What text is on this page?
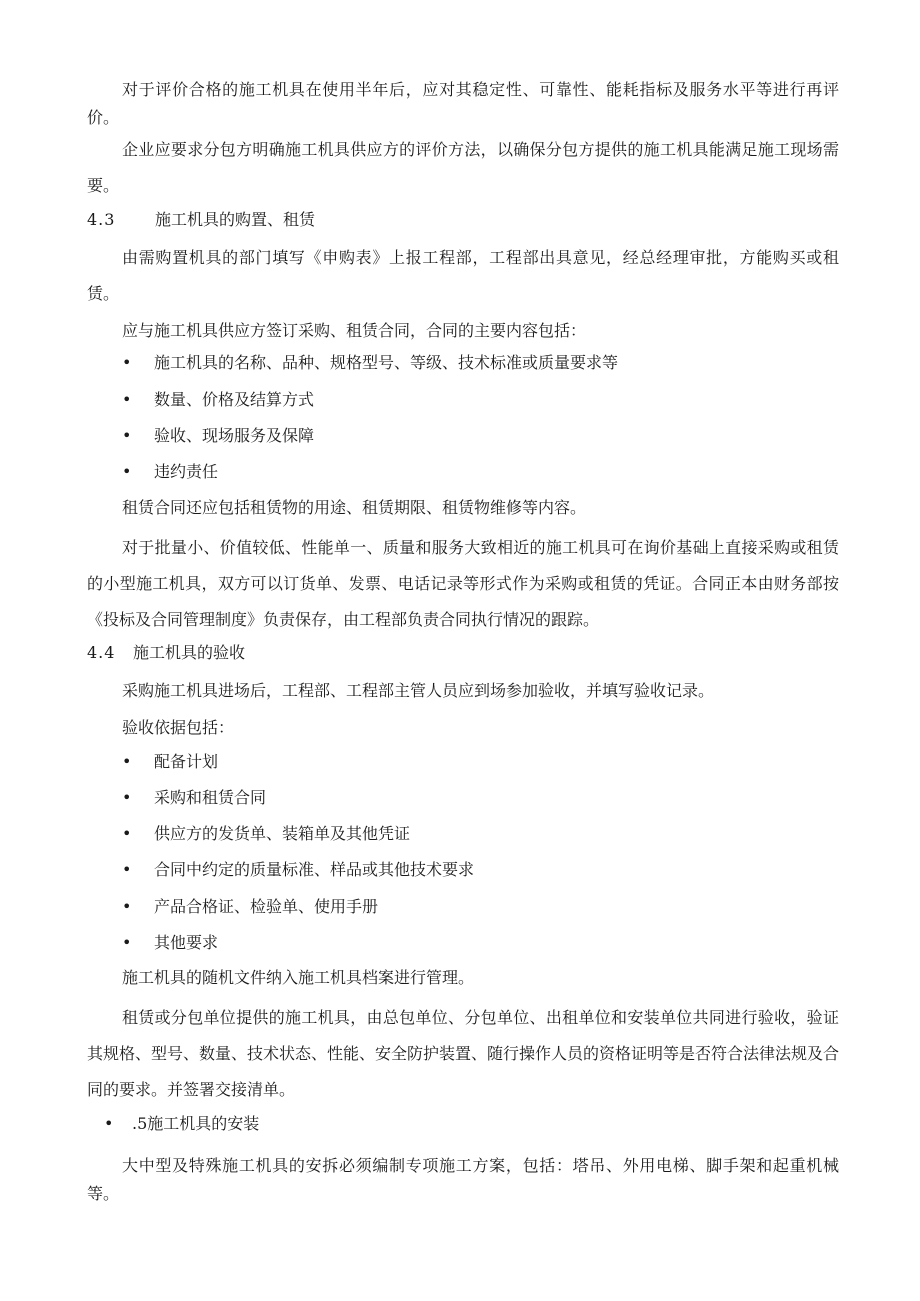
对于评价合格的施工机具在使用半年后，应对其稳定性、可靠性、能耗指标及服务水平等进行再评价。

企业应要求分包方明确施工机具供应方的评价方法，以确保分包方提供的施工机具能满足施工现场需要。

4.3 施工机具的购置、租赁

由需购置机具的部门填写《申购表》上报工程部，工程部出具意见，经总经理审批，方能购买或租赁。

应与施工机具供应方签订采购、租赁合同，合同的主要内容包括：

• 施工机具的名称、品种、规格型号、等级、技术标准或质量要求等
• 数量、价格及结算方式
• 验收、现场服务及保障
• 违约责任

租赁合同还应包括租赁物的用途、租赁期限、租赁物维修等内容。

对于批量小、价值较低、性能单一、质量和服务大致相近的施工机具可在询价基础上直接采购或租赁的小型施工机具，双方可以订货单、发票、电话记录等形式作为采购或租赁的凭证。合同正本由财务部按《投标及合同管理制度》负责保存，由工程部负责合同执行情况的跟踪。

4.4 施工机具的验收

采购施工机具进场后，工程部、工程部主管人员应到场参加验收，并填写验收记录。

验收依据包括：

• 配备计划
• 采购和租赁合同
• 供应方的发货单、装箱单及其他凭证
• 合同中约定的质量标准、样品或其他技术要求
• 产品合格证、检验单、使用手册
• 其他要求

施工机具的随机文件纳入施工机具档案进行管理。

租赁或分包单位提供的施工机具，由总包单位、分包单位、出租单位和安装单位共同进行验收，验证其规格、型号、数量、技术状态、性能、安全防护装置、随行操作人员的资格证明等是否符合法律法规及合同的要求。并签署交接清单。

• .5施工机具的安装

大中型及特殊施工机具的安拆必须编制专项施工方案，包括：塔吊、外用电梯、脚手架和起重机械等。
